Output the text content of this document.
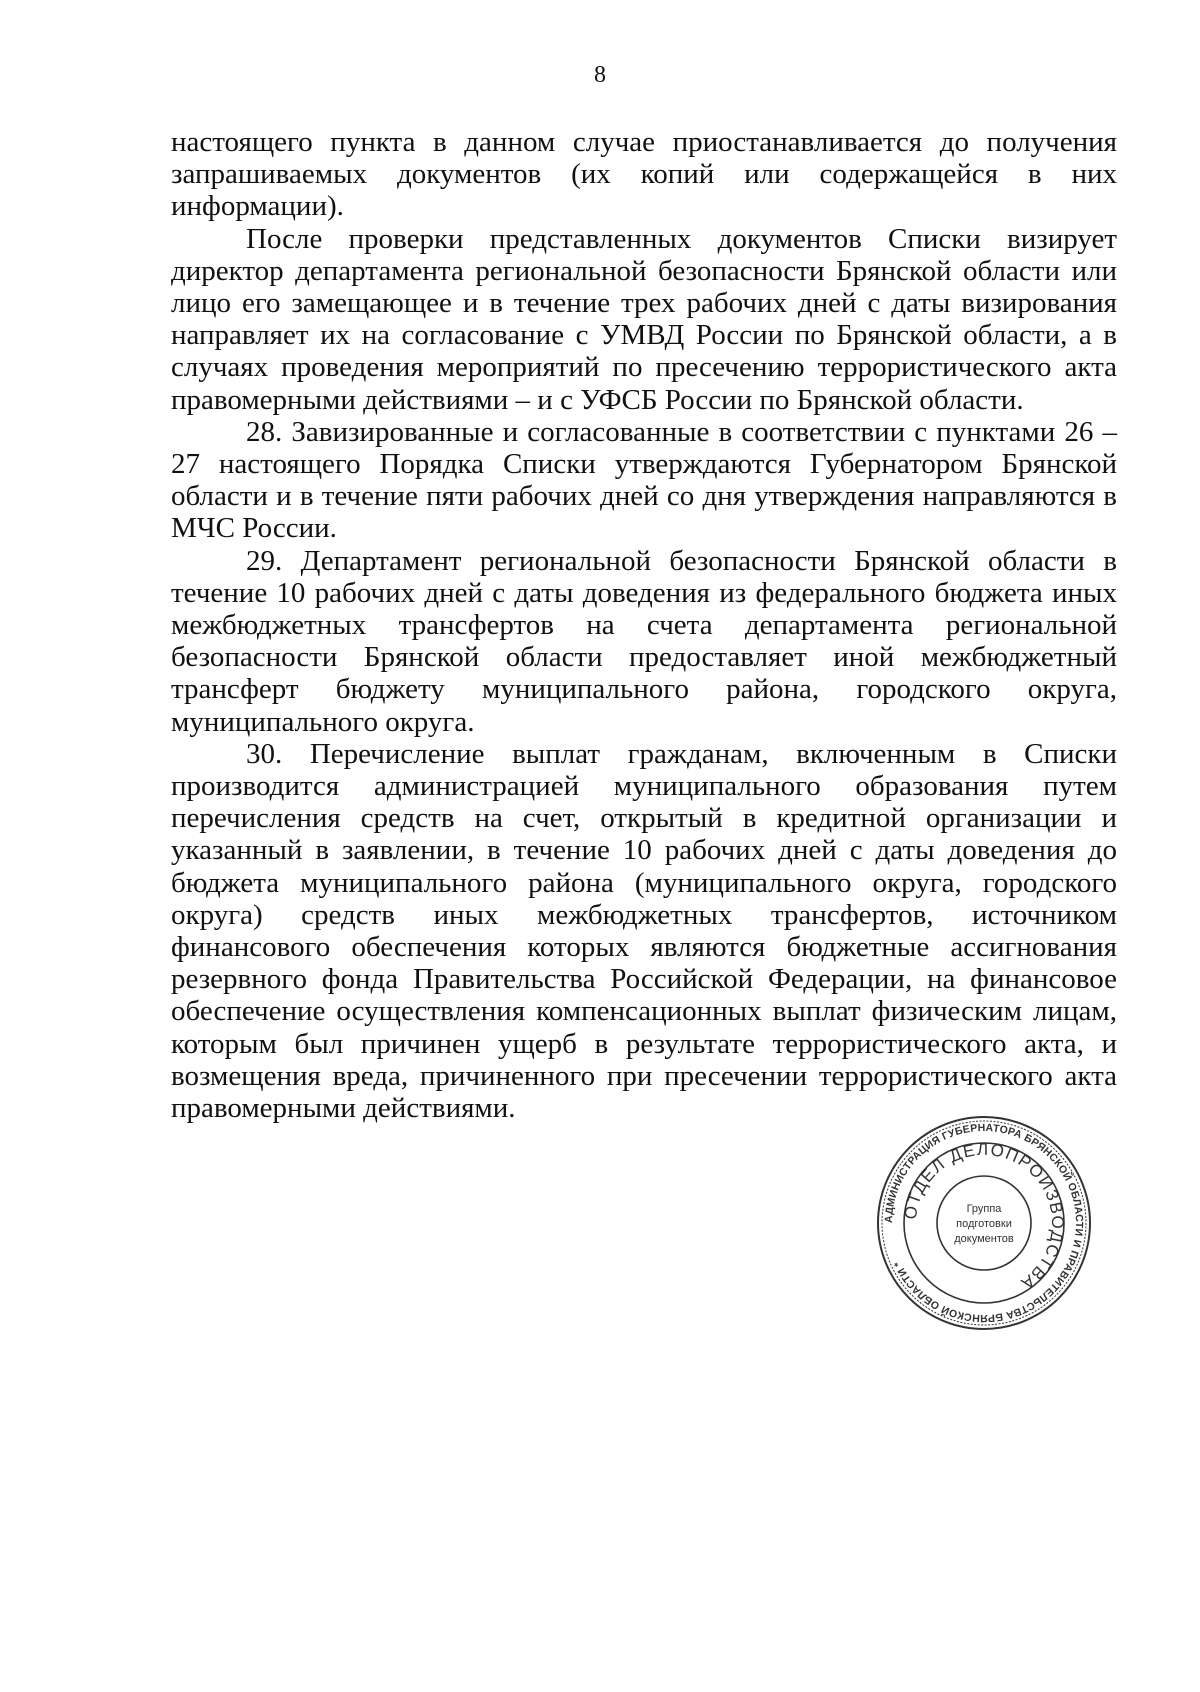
8

настоящего пункта в данном случае приостанавливается до получения запрашиваемых документов (их копий или содержащейся в них информации).

После проверки представленных документов Списки визирует директор департамента региональной безопасности Брянской области или лицо его замещающее и в течение трех рабочих дней с даты визирования направляет их на согласование с УМВД России по Брянской области, а в случаях проведения мероприятий по пресечению террористического акта правомерными действиями – и с УФСБ России по Брянской области.

28. Завизированные и согласованные в соответствии с пунктами 26 – 27 настоящего Порядка Списки утверждаются Губернатором Брянской области и в течение пяти рабочих дней со дня утверждения направляются в МЧС России.

29. Департамент региональной безопасности Брянской области в течение 10 рабочих дней с даты доведения из федерального бюджета иных межбюджетных трансфертов на счета департамента региональной безопасности Брянской области предоставляет иной межбюджетный трансферт бюджету муниципального района, городского округа, муниципального округа.

30. Перечисление выплат гражданам, включенным в Списки производится администрацией муниципального образования путем перечисления средств на счет, открытый в кредитной организации и указанный в заявлении, в течение 10 рабочих дней с даты доведения до бюджета муниципального района (муниципального округа, городского округа) средств иных межбюджетных трансфертов, источником финансового обеспечения которых являются бюджетные ассигнования резервного фонда Правительства Российской Федерации, на финансовое обеспечение осуществления компенсационных выплат физическим лицам, которым был причинен ущерб в результате террористического акта, и возмещения вреда, причиненного при пресечении террористического акта правомерными действиями.

АДМИНИСТРАЦИЯ ГУБЕРНАТОРА БРЯНСКОЙ ОБЛАСТИ И ПРАВИТЕЛЬСТВА БРЯНСКОЙ ОБЛАСТИ *
ОТДЕЛ ДЕЛОПРОИЗВОДСТВА
Группа
подготовки
документов
